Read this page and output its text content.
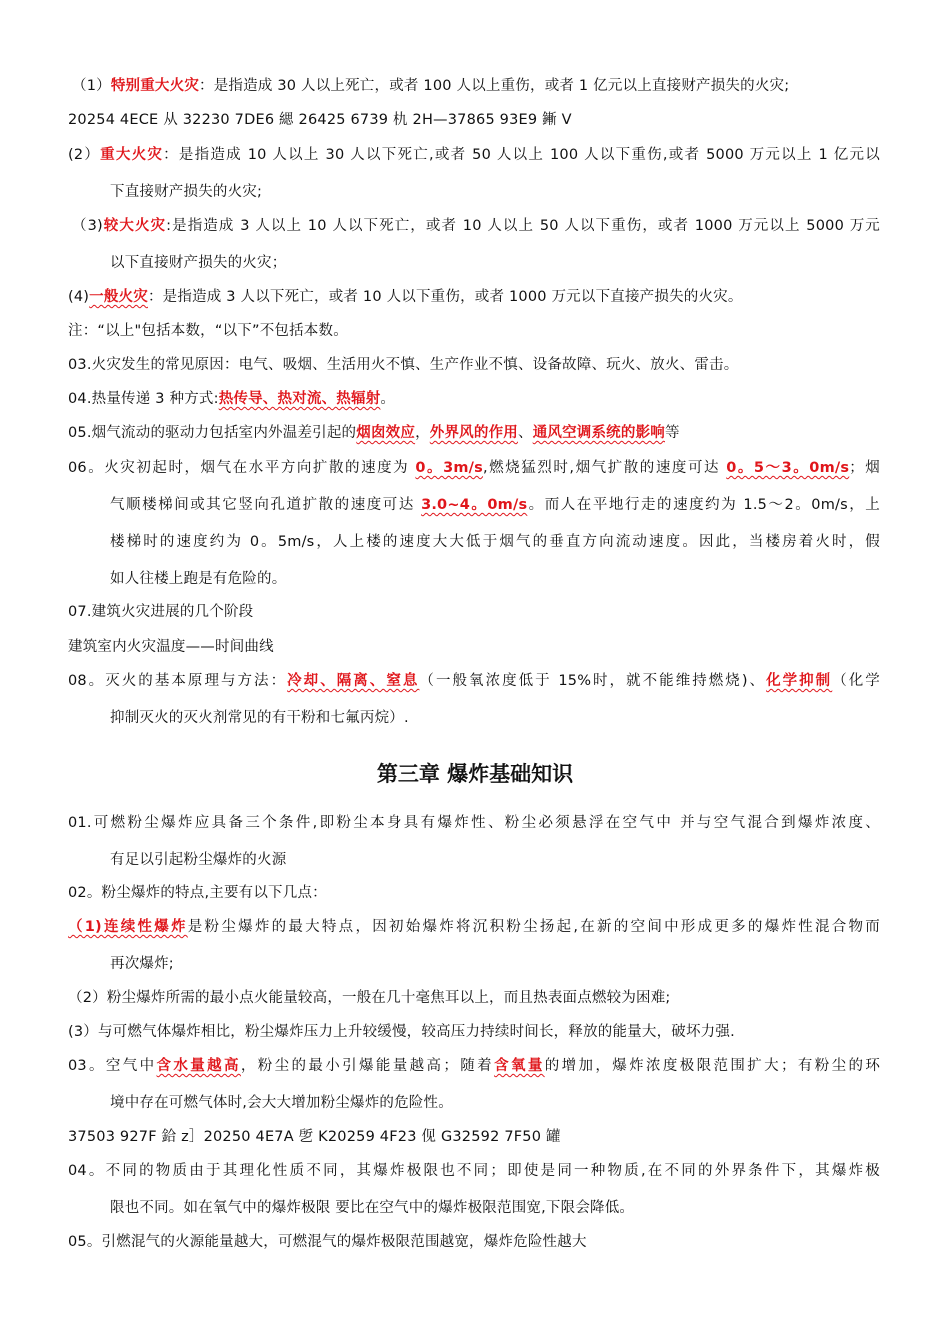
（1）特别重大火灾：是指造成 30 人以上死亡，或者 100 人以上重伤，或者 1 亿元以上直接财产损失的火灾;
20254 4ECE 从 32230 7DE6 緦 26425 6739 朹 2H—37865 93E9 鏩 V
(2）重大火灾：是指造成 10 人以上 30 人以下死亡,或者 50 人以上 100 人以下重伤,或者 5000 万元以上 1 亿元以
下直接财产损失的火灾;
（3)较大火灾:是指造成 3 人以上 10 人以下死亡，或者 10 人以上 50 人以下重伤，或者 1000 万元以上 5000 万元
以下直接财产损失的火灾；
(4)一般火灾：是指造成 3 人以下死亡，或者 10 人以下重伤，或者 1000 万元以下直接产损失的火灾。
注：“以上"包括本数，“以下”不包括本数。
03.火灾发生的常见原因：电气、吸烟、生活用火不慎、生产作业不慎、设备故障、玩火、放火、雷击。
04.热量传递 3 种方式:热传导、热对流、热辐射。
05.烟气流动的驱动力包括室内外温差引起的烟囱效应，外界风的作用、通风空调系统的影响等
06。火灾初起时，烟气在水平方向扩散的速度为 0。3m/s,燃烧猛烈时,烟气扩散的速度可达 0。5～3。0m/s；烟
气顺楼梯间或其它竖向孔道扩散的速度可达 3.0~4。0m/s。而人在平地行走的速度约为 1.5～2。0m/s，上
楼梯时的速度约为 0。5m/s，人上楼的速度大大低于烟气的垂直方向流动速度。因此，当楼房着火时，假
如人往楼上跑是有危险的。
07.建筑火灾进展的几个阶段
建筑室内火灾温度——时间曲线
08。灭火的基本原理与方法：冷却、隔离、窒息（一般氧浓度低于 15%时，就不能维持燃烧)、化学抑制（化学
抑制灭火的灭火剂常见的有干粉和七氟丙烷）.
第三章 爆炸基础知识
01.可燃粉尘爆炸应具备三个条件,即粉尘本身具有爆炸性、粉尘必须悬浮在空气中 并与空气混合到爆炸浓度、
有足以引起粉尘爆炸的火源
02。粉尘爆炸的特点,主要有以下几点：
（1)连续性爆炸是粉尘爆炸的最大特点，因初始爆炸将沉积粉尘扬起,在新的空间中形成更多的爆炸性混合物而
再次爆炸;
（2）粉尘爆炸所需的最小点火能量较高，一般在几十毫焦耳以上，而且热表面点燃较为困难;
(3）与可燃气体爆炸相比，粉尘爆炸压力上升较缓慢，较高压力持续时间长，释放的能量大，破坏力强.
03。空气中含水量越高，粉尘的最小引爆能量越高；随着含氧量的增加，爆炸浓度极限范围扩大；有粉尘的环
境中存在可燃气体时,会大大增加粉尘爆炸的危险性。
37503 927F 鉿 z］20250 4E7A 乺 K20259 4F23 伣 G32592 7F50 罐
04。不同的物质由于其理化性质不同，其爆炸极限也不同；即使是同一种物质,在不同的外界条件下，其爆炸极
限也不同。如在氧气中的爆炸极限 要比在空气中的爆炸极限范围宽,下限会降低。
05。引燃混气的火源能量越大，可燃混气的爆炸极限范围越宽，爆炸危险性越大
